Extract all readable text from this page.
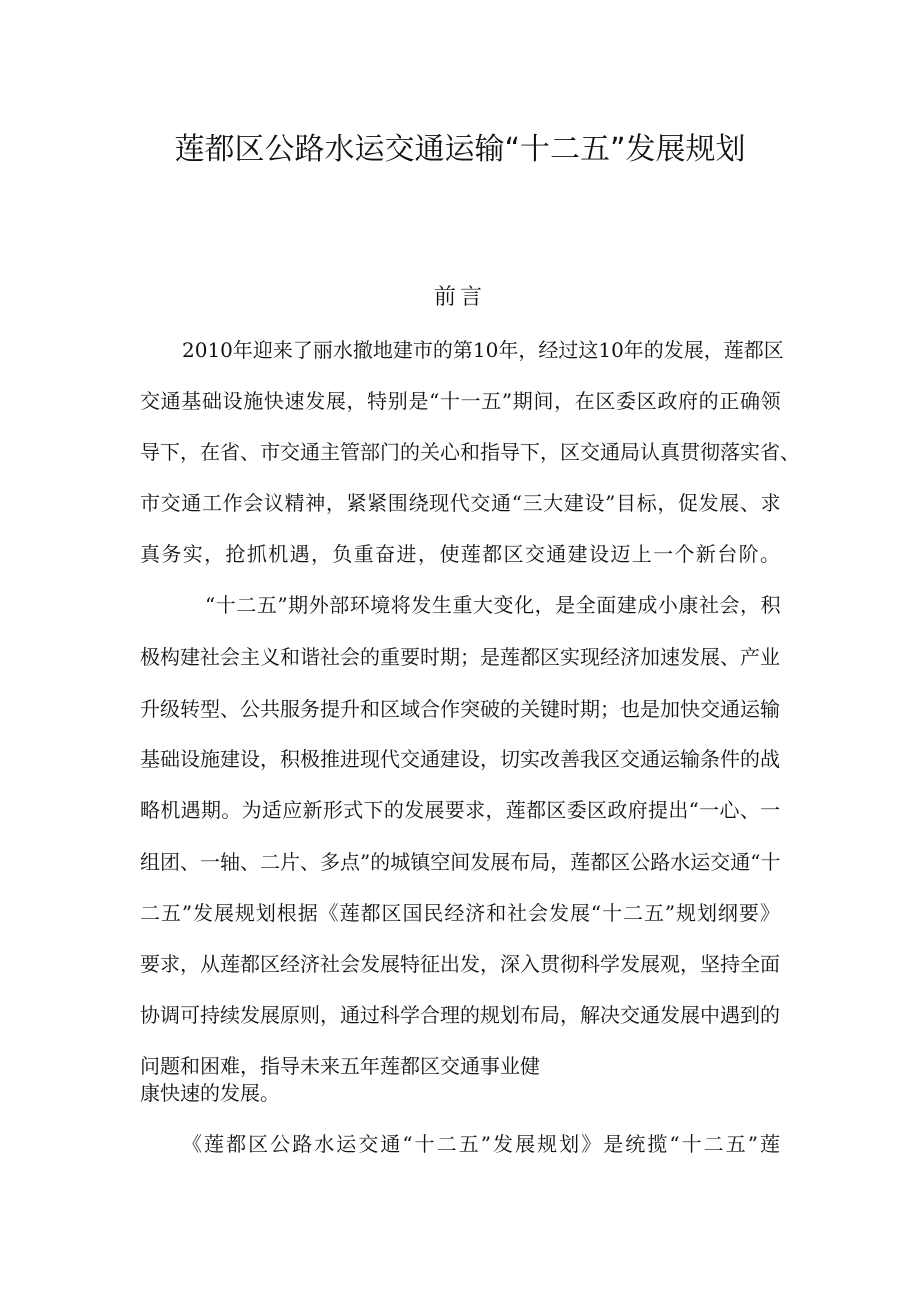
莲都区公路水运交通运输“十二五”发展规划
前言
2010年迎来了丽水撤地建市的第10年，经过这10年的发展，莲都区
交通基础设施快速发展，特别是“十一五”期间，在区委区政府的正确领
导下，在省、市交通主管部门的关心和指导下，区交通局认真贯彻落实省、
市交通工作会议精神，紧紧围绕现代交通“三大建设”目标，促发展、求
真务实，抢抓机遇，负重奋进，使莲都区交通建设迈上一个新台阶。
“十二五”期外部环境将发生重大变化，是全面建成小康社会，积
极构建社会主义和谐社会的重要时期；是莲都区实现经济加速发展、产业
升级转型、公共服务提升和区域合作突破的关键时期；也是加快交通运输
基础设施建设，积极推进现代交通建设，切实改善我区交通运输条件的战
略机遇期。为适应新形式下的发展要求，莲都区委区政府提出“一心、一
组团、一轴、二片、多点”的城镇空间发展布局，莲都区公路水运交通“十
二五”发展规划根据《莲都区国民经济和社会发展“十二五”规划纲要》
要求，从莲都区经济社会发展特征出发，深入贯彻科学发展观，坚持全面
协调可持续发展原则，通过科学合理的规划布局，解决交通发展中遇到的
问题和困难，指导未来五年莲都区交通事业健
康快速的发展。
《莲都区公路水运交通“十二五”发展规划》是统揽“十二五”莲
